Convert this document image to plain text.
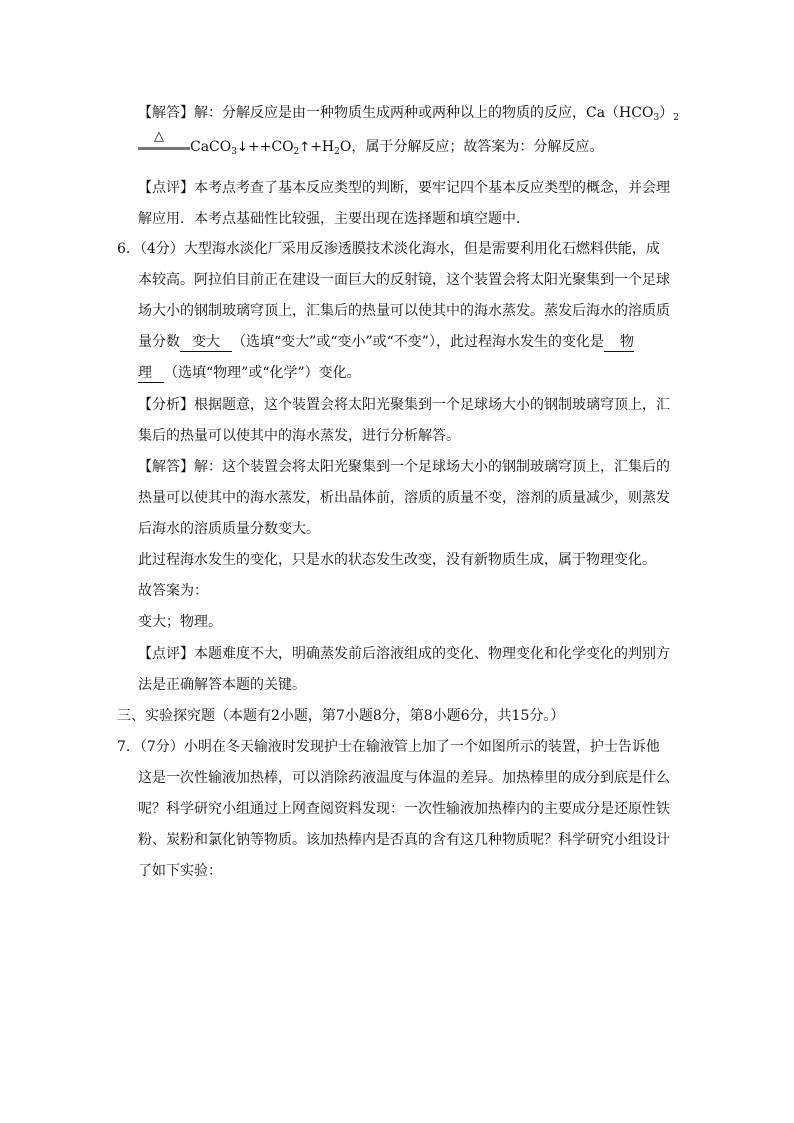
【解答】解：分解反应是由一种物质生成两种或两种以上的物质的反应，$Ca(HCO_3)_2$
△
$CaCO_3↓++CO_2↑+H_2O$，属于分解反应；故答案为：分解反应。
【点评】本考点考查了基本反应类型的判断，要牢记四个基本反应类型的概念，并会理
解应用．本考点基础性比较强，主要出现在选择题和填空题中．
6．（4分）大型海水淡化厂采用反渗透膜技术淡化海水，但是需要利用化石燃料供能，成
本较高。阿拉伯目前正在建设一面巨大的反射镜，这个装置会将太阳光聚集到一个足球
场大小的钢制玻璃穹顶上，汇集后的热量可以使其中的海水蒸发。蒸发后海水的溶质质
量分数 变大 （选填“变大”或“变小”或“不变”），此过程海水发生的变化是 物
理 （选填“物理”或“化学”）变化。
【分析】根据题意，这个装置会将太阳光聚集到一个足球场大小的钢制玻璃穹顶上，汇
集后的热量可以使其中的海水蒸发，进行分析解答。
【解答】解：这个装置会将太阳光聚集到一个足球场大小的钢制玻璃穹顶上，汇集后的
热量可以使其中的海水蒸发，析出晶体前，溶质的质量不变，溶剂的质量减少，则蒸发
后海水的溶质质量分数变大。
此过程海水发生的变化，只是水的状态发生改变，没有新物质生成，属于物理变化。
故答案为：
变大；物理。
【点评】本题难度不大，明确蒸发前后溶液组成的变化、物理变化和化学变化的判别方
法是正确解答本题的关键。
三、实验探究题（本题有2小题，第7小题8分，第8小题6分，共15分。）
7．（7分）小明在冬天输液时发现护士在输液管上加了一个如图所示的装置，护士告诉他
这是一次性输液加热棒，可以消除药液温度与体温的差异。加热棒里的成分到底是什么
呢？科学研究小组通过上网查阅资料发现：一次性输液加热棒内的主要成分是还原性铁
粉、炭粉和氯化钠等物质。该加热棒内是否真的含有这几种物质呢？科学研究小组设计
了如下实验：
